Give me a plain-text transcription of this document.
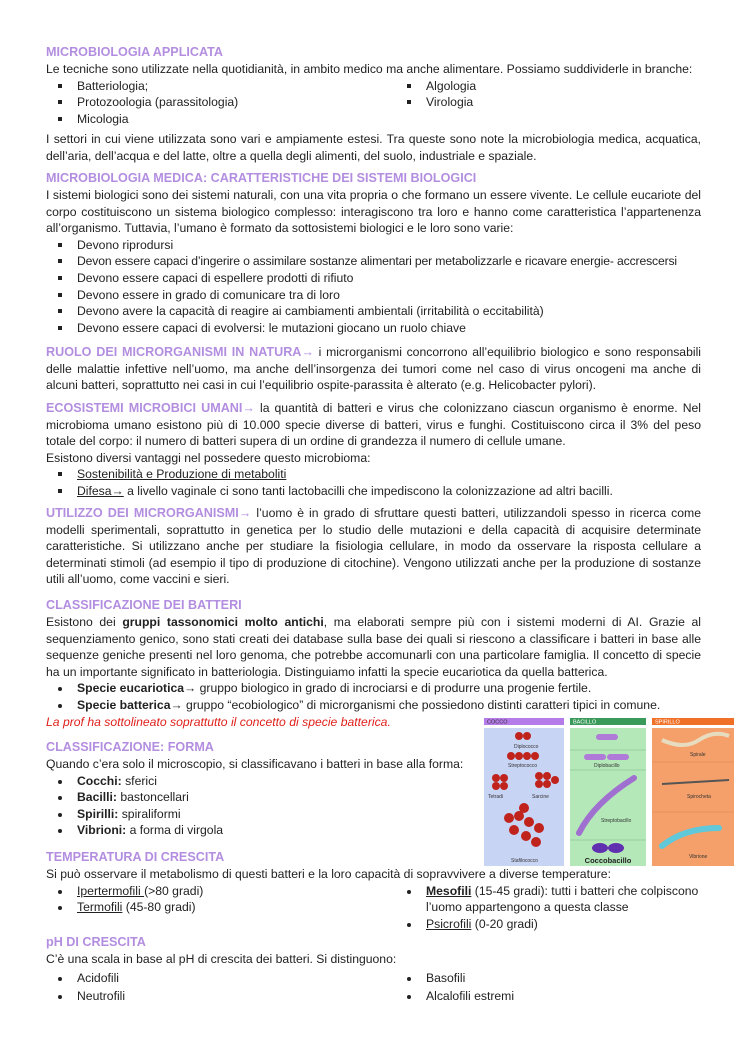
MICROBIOLOGIA APPLICATA

Le tecniche sono utilizzate nella quotidianità, in ambito medico ma anche alimentare. Possiamo suddividerle in branche:

Batteriologia;
Protozoologia (parassitologia)
Micologia
Algologia
Virologia

I settori in cui viene utilizzata sono vari e ampiamente estesi. Tra queste sono note la microbiologia medica, acquatica, dell’aria, dell’acqua e del latte, oltre a quella degli alimenti, del suolo, industriale e spaziale.

MICROBIOLOGIA MEDICA: CARATTERISTICHE DEI SISTEMI BIOLOGICI

I sistemi biologici sono dei sistemi naturali, con una vita propria o che formano un essere vivente. Le cellule eucariote del corpo costituiscono un sistema biologico complesso: interagiscono tra loro e hanno come caratteristica l’appartenenza all’organismo. Tuttavia, l’umano è formato da sottosistemi biologici e le loro sono varie:

Devono riprodursi
Devon essere capaci d’ingerire o assimilare sostanze alimentari per metabolizzarle e ricavare energie- accrescersi
Devono essere capaci di espellere prodotti di rifiuto
Devono essere in grado di comunicare tra di loro
Devono avere la capacità di reagire ai cambiamenti ambientali (irritabilità o eccitabilità)
Devono essere capaci di evolversi: le mutazioni giocano un ruolo chiave

RUOLO DEI MICRORGANISMI IN NATURA→ i microrganismi concorrono all’equilibrio biologico e sono responsabili delle malattie infettive nell’uomo, ma anche dell’insorgenza dei tumori come nel caso di virus oncogeni ma anche di alcuni batteri, soprattutto nei casi in cui l’equilibrio ospite-parassita è alterato (e.g. Helicobacter pylori).

ECOSISTEMI MICROBICI UMANI→ la quantità di batteri e virus che colonizzano ciascun organismo è enorme. Nel microbioma umano esistono più di 10.000 specie diverse di batteri, virus e funghi. Costituiscono circa il 3% del peso totale del corpo: il numero di batteri supera di un ordine di grandezza il numero di cellule umane.

Esistono diversi vantaggi nel possedere questo microbioma:

Sostenibilità e Produzione di metaboliti
Difesa→ a livello vaginale ci sono tanti lactobacilli che impediscono la colonizzazione ad altri bacilli.

UTILIZZO DEI MICRORGANISMI→ l’uomo è in grado di sfruttare questi batteri, utilizzandoli spesso in ricerca come modelli sperimentali, soprattutto in genetica per lo studio delle mutazioni e della capacità di acquisire determinate caratteristiche. Si utilizzano anche per studiare la fisiologia cellulare, in modo da osservare la risposta cellulare a determinati stimoli (ad esempio il tipo di produzione di citochine). Vengono utilizzati anche per la produzione di sostanze utili all’uomo, come vaccini e sieri.

CLASSIFICAZIONE DEI BATTERI

Esistono dei gruppi tassonomici molto antichi, ma elaborati sempre più con i sistemi moderni di AI. Grazie al sequenziamento genico, sono stati creati dei database sulla base dei quali si riescono a classificare i batteri in base alle sequenze geniche presenti nel loro genoma, che potrebbe accomunarli con una particolare famiglia. Il concetto di specie ha un importante significato in batteriologia. Distinguiamo infatti la specie eucariotica da quella batterica.

Specie eucariotica→ gruppo biologico in grado di incrociarsi e di produrre una progenie fertile.
Specie batterica→ gruppo “ecobiologico” di microrganismi che possiedono distinti caratteri tipici in comune.

La prof ha sottolineato soprattutto il concetto di specie batterica.

CLASSIFICAZIONE: FORMA

Quando c’era solo il microscopio, si classificavano i batteri in base alla forma:

Cocchi: sferici
Bacilli: bastoncellari
Spirilli: spiraliformi
Vibrioni: a forma di virgola
COCCO	BACILLO	SPIRILLO
Diplococco
Streptococco
Tetradi	Sarcine
Stafilococco
Diplobacillo
Streptobacillo
Coccobacillo
Spirale
Spirocheta
Vibrione
TEMPERATURA DI CRESCITA

Si può osservare il metabolismo di questi batteri e la loro capacità di sopravvivere a diverse temperature:

Ipertermofili (>80 gradi)
Termofili (45-80 gradi)
Mesofili (15-45 gradi): tutti i batteri che colpiscono l’uomo appartengono a questa classe
Psicrofili (0-20 gradi)
pH DI CRESCITA

C’è una scala in base al pH di crescita dei batteri. Si distinguono:

Acidofili
Neutrofili
Basofili
Alcalofili estremi
